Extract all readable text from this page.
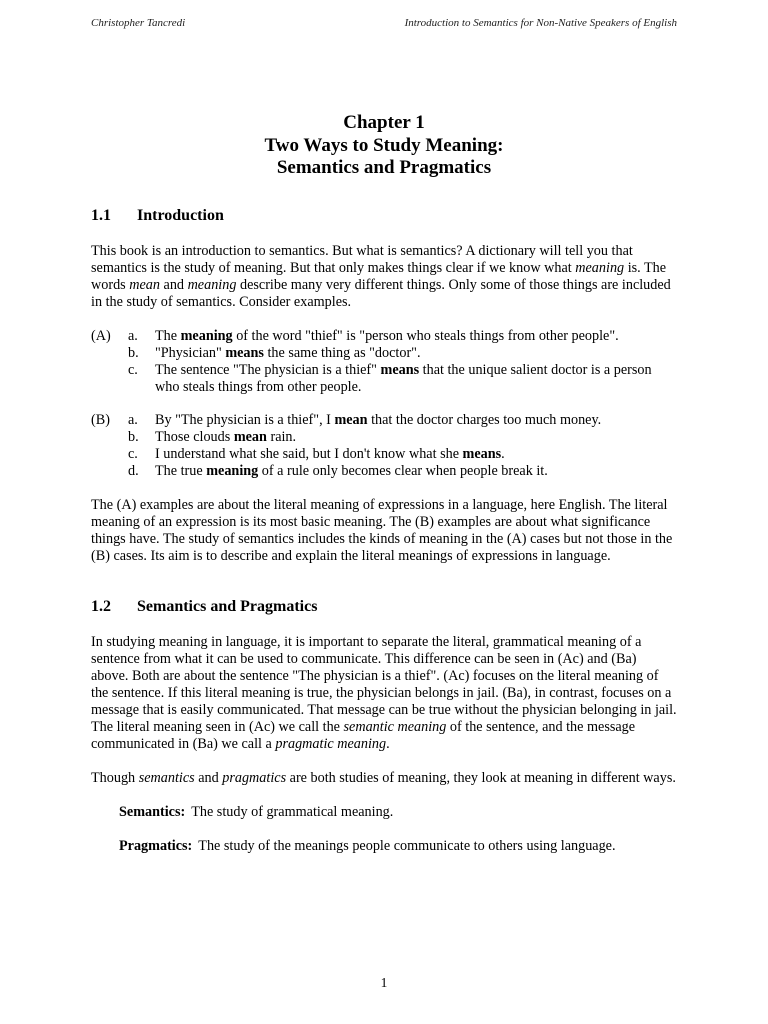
Christopher Tancredi	Introduction to Semantics for Non-Native Speakers of English

Chapter 1

Two Ways to Study Meaning:

Semantics and Pragmatics

1.1	Introduction

This book is an introduction to semantics. But what is semantics? A dictionary will tell you that semantics is the study of meaning. But that only makes things clear if we know what meaning is. The words mean and meaning describe many very different things. Only some of those things are included in the study of semantics. Consider examples.

(A)	a.	The meaning of the word "thief" is "person who steals things from other people".
b.	"Physician" means the same thing as "doctor".
c.	The sentence "The physician is a thief" means that the unique salient doctor is a person who steals things from other people.
(B)	a.	By "The physician is a thief", I mean that the doctor charges too much money.
b.	Those clouds mean rain.
c.	I understand what she said, but I don't know what she means.
d.	The true meaning of a rule only becomes clear when people break it.

The (A) examples are about the literal meaning of expressions in a language, here English. The literal meaning of an expression is its most basic meaning. The (B) examples are about what significance things have. The study of semantics includes the kinds of meaning in the (A) cases but not those in the (B) cases. Its aim is to describe and explain the literal meanings of expressions in language.

1.2	Semantics and Pragmatics

In studying meaning in language, it is important to separate the literal, grammatical meaning of a sentence from what it can be used to communicate. This difference can be seen in (Ac) and (Ba) above. Both are about the sentence "The physician is a thief". (Ac) focuses on the literal meaning of the sentence. If this literal meaning is true, the physician belongs in jail. (Ba), in contrast, focuses on a message that is easily communicated. That message can be true without the physician belonging in jail. The literal meaning seen in (Ac) we call the semantic meaning of the sentence, and the message communicated in (Ba) we call a pragmatic meaning.

Though semantics and pragmatics are both studies of meaning, they look at meaning in different ways.

Semantics: The study of grammatical meaning.
Pragmatics: The study of the meanings people communicate to others using language.
1
